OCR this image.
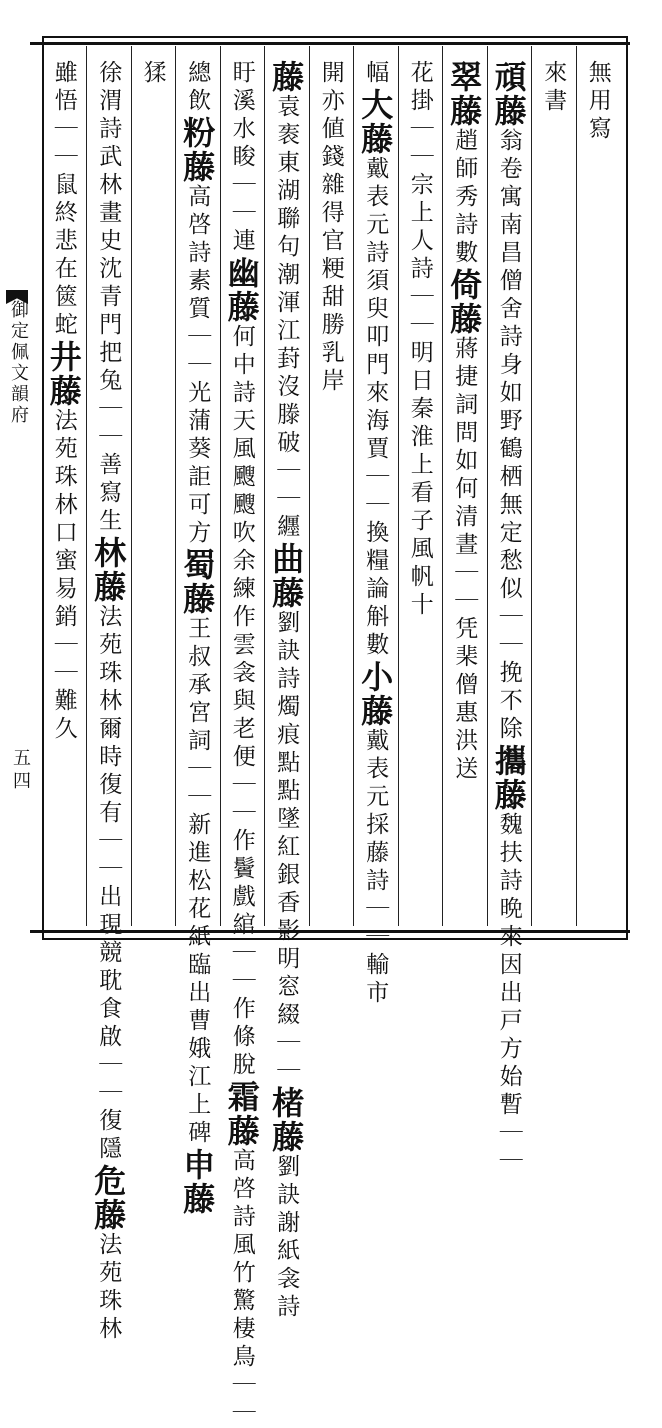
御定佩文韻府
五四
無用寫
來書
頑藤翁卷寓南昌僧舍詩身如野鶴栖無定愁似｜｜挽不除攜藤魏扶詩晩來因出戸方始暫｜｜
翠藤趙師秀詩數倚藤蔣捷詞問如何清晝｜｜凭棐僧惠洪送
花掛｜｜宗上人詩｜｜明日秦淮上看子風帆十
幅大藤戴表元詩須臾叩門來海賈｜｜換糧論斛數小藤戴表元採藤詩｜｜輸市
開亦値錢雜得官粳甜勝乳岸
藤袁袠東湖聯句潮渾江葑沒滕破｜｜纒曲藤劉訣詩燭痕點點墜紅銀香影明窓綴｜｜楮藤劉訣謝紙衾詩
盱溪水睃｜｜連幽藤何中詩天風颼颼吹余練作雲衾與老便｜｜作鬢戲綰｜｜作條脫霜藤高啓詩風竹驚棲鳥｜｜
總飲粉藤高啓詩素質｜｜光蒲葵詎可方蜀藤王叔承宮詞｜｜新進松花紙臨出曹娥江上碑申藤
猱
徐渭詩武林畫史沈青門把兔｜｜善寫生林藤法苑珠林爾時復有｜｜出現競耽食啟｜｜復隱危藤法苑珠林
雖悟｜｜鼠終悲在篋蛇井藤法苑珠林口蜜易銷｜｜難久
